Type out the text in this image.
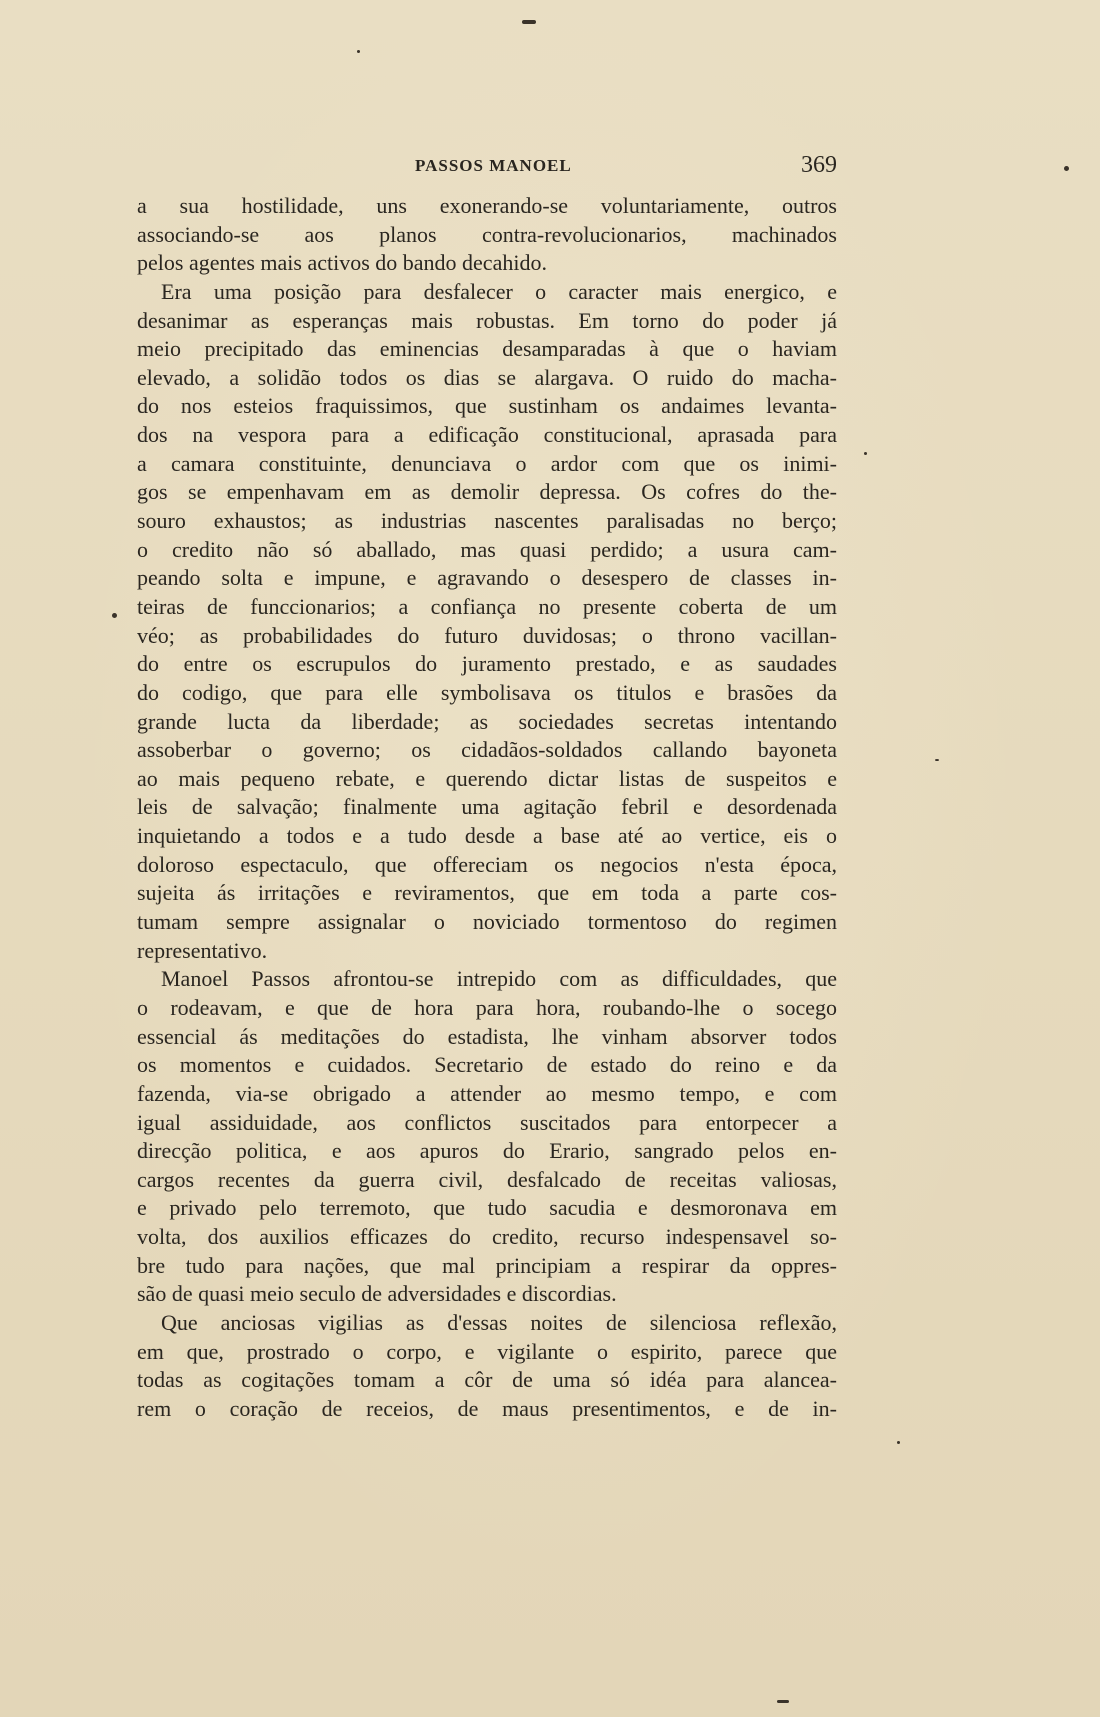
PASSOS MANOEL	369
a sua hostilidade, uns exonerando-se voluntariamente, outros
associando-se aos planos contra-revolucionarios, machinados
pelos agentes mais activos do bando decahido.
Era uma posição para desfalecer o caracter mais energico, e
desanimar as esperanças mais robustas. Em torno do poder já
meio precipitado das eminencias desamparadas à que o haviam
elevado, a solidão todos os dias se alargava. O ruido do macha-
do nos esteios fraquissimos, que sustinham os andaimes levanta-
dos na vespora para a edificação constitucional, aprasada para
a camara constituinte, denunciava o ardor com que os inimi-
gos se empenhavam em as demolir depressa. Os cofres do the-
souro exhaustos; as industrias nascentes paralisadas no berço;
o credito não só aballado, mas quasi perdido; a usura cam-
peando solta e impune, e agravando o desespero de classes in-
teiras de funccionarios; a confiança no presente coberta de um
véo; as probabilidades do futuro duvidosas; o throno vacillan-
do entre os escrupulos do juramento prestado, e as saudades
do codigo, que para elle symbolisava os titulos e brasões da
grande lucta da liberdade; as sociedades secretas intentando
assoberbar o governo; os cidadãos-soldados callando bayoneta
ao mais pequeno rebate, e querendo dictar listas de suspeitos e
leis de salvação; finalmente uma agitação febril e desordenada
inquietando a todos e a tudo desde a base até ao vertice, eis o
doloroso espectaculo, que offereciam os negocios n'esta época,
sujeita ás irritações e reviramentos, que em toda a parte cos-
tumam sempre assignalar o noviciado tormentoso do regimen
representativo.
Manoel Passos afrontou-se intrepido com as difficuldades, que
o rodeavam, e que de hora para hora, roubando-lhe o socego
essencial ás meditações do estadista, lhe vinham absorver todos
os momentos e cuidados. Secretario de estado do reino e da
fazenda, via-se obrigado a attender ao mesmo tempo, e com
igual assiduidade, aos conflictos suscitados para entorpecer a
direcção politica, e aos apuros do Erario, sangrado pelos en-
cargos recentes da guerra civil, desfalcado de receitas valiosas,
e privado pelo terremoto, que tudo sacudia e desmoronava em
volta, dos auxilios efficazes do credito, recurso indespensavel so-
bre tudo para nações, que mal principiam a respirar da oppres-
são de quasi meio seculo de adversidades e discordias.
Que anciosas vigilias as d'essas noites de silenciosa reflexão,
em que, prostrado o corpo, e vigilante o espirito, parece que
todas as cogitações tomam a côr de uma só idéa para alancea-
rem o coração de receios, de maus presentimentos, e de in-
